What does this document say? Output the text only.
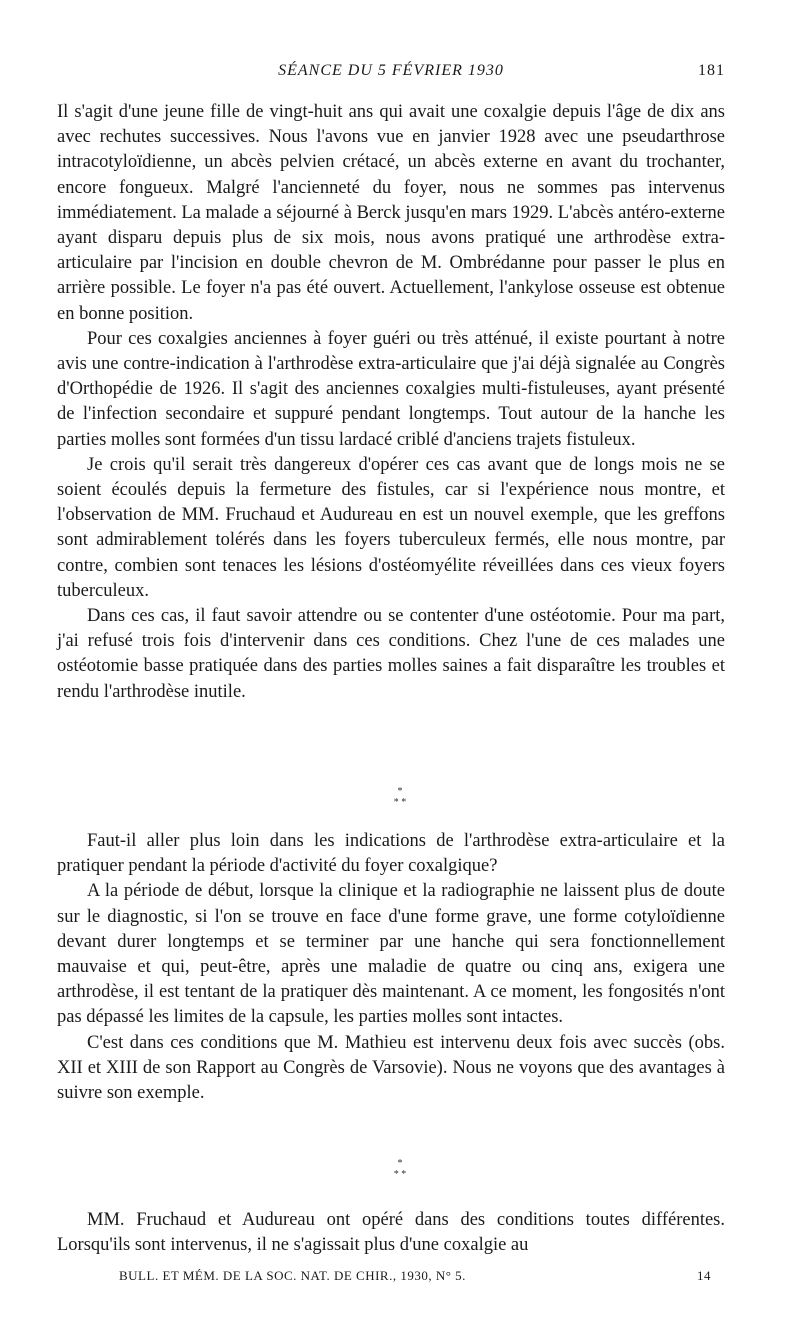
SÉANCE DU 5 FÉVRIER 1930	181

Il s'agit d'une jeune fille de vingt-huit ans qui avait une coxalgie depuis l'âge de dix ans avec rechutes successives. Nous l'avons vue en janvier 1928 avec une pseudarthrose intracotyloïdienne, un abcès pelvien crétacé, un abcès externe en avant du trochanter, encore fongueux. Malgré l'ancienneté du foyer, nous ne sommes pas intervenus immédiatement. La malade a séjourné à Berck jusqu'en mars 1929. L'abcès antéro-externe ayant disparu depuis plus de six mois, nous avons pratiqué une arthrodèse extra-articulaire par l'incision en double chevron de M. Ombrédanne pour passer le plus en arrière possible. Le foyer n'a pas été ouvert. Actuellement, l'ankylose osseuse est obtenue en bonne position.

Pour ces coxalgies anciennes à foyer guéri ou très atténué, il existe pourtant à notre avis une contre-indication à l'arthrodèse extra-articulaire que j'ai déjà signalée au Congrès d'Orthopédie de 1926. Il s'agit des anciennes coxalgies multi-fistuleuses, ayant présenté de l'infection secondaire et suppuré pendant longtemps. Tout autour de la hanche les parties molles sont formées d'un tissu lardacé criblé d'anciens trajets fistuleux.

Je crois qu'il serait très dangereux d'opérer ces cas avant que de longs mois ne se soient écoulés depuis la fermeture des fistules, car si l'expérience nous montre, et l'observation de MM. Fruchaud et Audureau en est un nouvel exemple, que les greffons sont admirablement tolérés dans les foyers tuberculeux fermés, elle nous montre, par contre, combien sont tenaces les lésions d'ostéomyélite réveillées dans ces vieux foyers tuberculeux.

Dans ces cas, il faut savoir attendre ou se contenter d'une ostéotomie. Pour ma part, j'ai refusé trois fois d'intervenir dans ces conditions. Chez l'une de ces malades une ostéotomie basse pratiquée dans des parties molles saines a fait disparaître les troubles et rendu l'arthrodèse inutile.

*
* *

Faut-il aller plus loin dans les indications de l'arthrodèse extra-articulaire et la pratiquer pendant la période d'activité du foyer coxalgique?

A la période de début, lorsque la clinique et la radiographie ne laissent plus de doute sur le diagnostic, si l'on se trouve en face d'une forme grave, une forme cotyloïdienne devant durer longtemps et se terminer par une hanche qui sera fonctionnellement mauvaise et qui, peut-être, après une maladie de quatre ou cinq ans, exigera une arthrodèse, il est tentant de la pratiquer dès maintenant. A ce moment, les fongosités n'ont pas dépassé les limites de la capsule, les parties molles sont intactes.

C'est dans ces conditions que M. Mathieu est intervenu deux fois avec succès (obs. XII et XIII de son Rapport au Congrès de Varsovie). Nous ne voyons que des avantages à suivre son exemple.

*
* *

MM. Fruchaud et Audureau ont opéré dans des conditions toutes différentes. Lorsqu'ils sont intervenus, il ne s'agissait plus d'une coxalgie au

BULL. ET MÉM. DE LA SOC. NAT. DE CHIR., 1930, N° 5.	14
